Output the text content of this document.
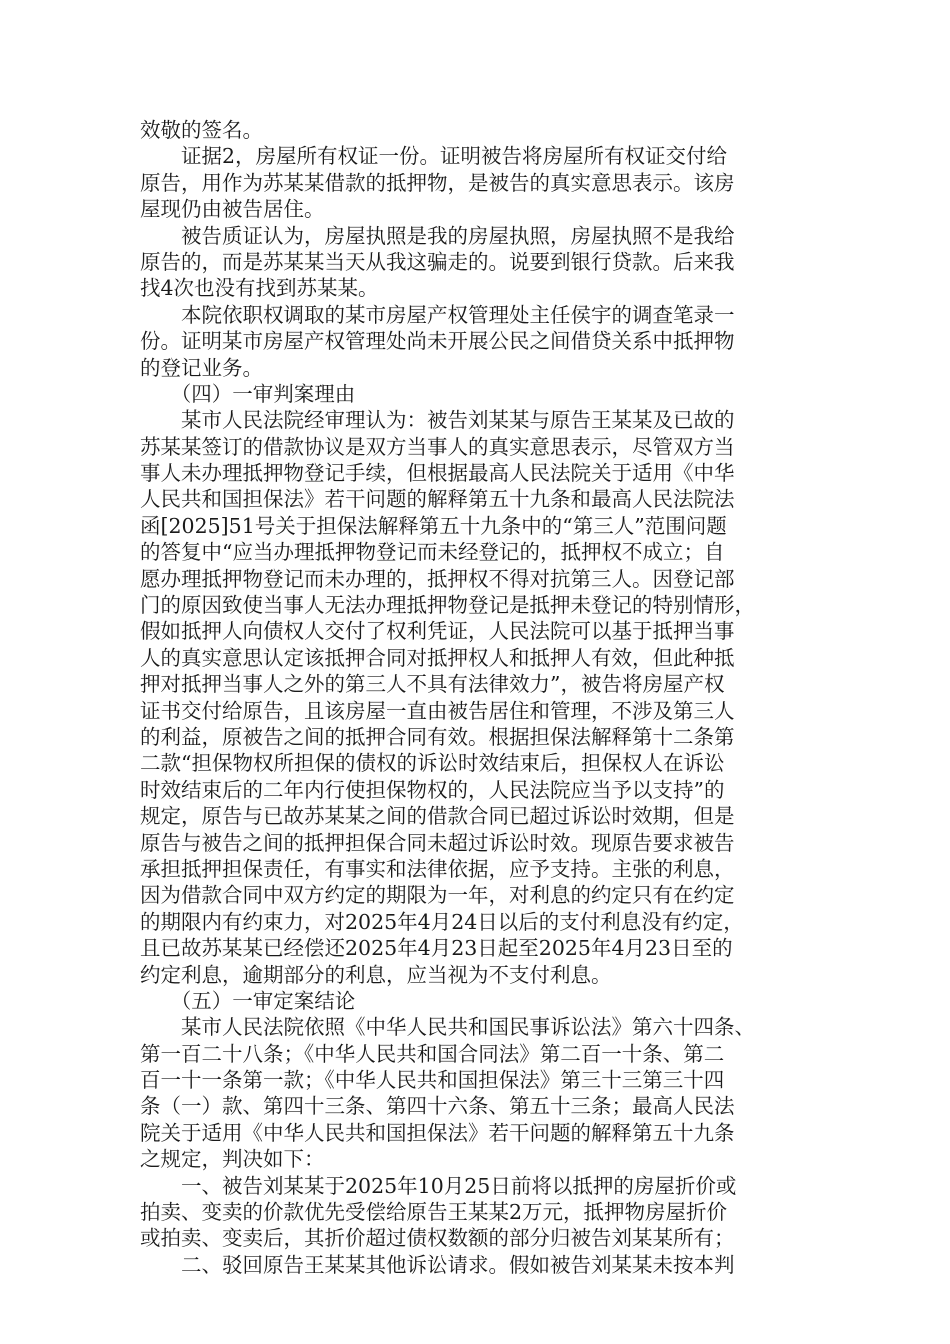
效敬的签名。
　　证据2，房屋所有权证一份。证明被告将房屋所有权证交付给
原告，用作为苏某某借款的抵押物，是被告的真实意思表示。该房
屋现仍由被告居住。
　　被告质证认为，房屋执照是我的房屋执照，房屋执照不是我给
原告的，而是苏某某当天从我这骗走的。说要到银行贷款。后来我
找4次也没有找到苏某某。
　　本院依职权调取的某市房屋产权管理处主任侯宇的调查笔录一
份。证明某市房屋产权管理处尚未开展公民之间借贷关系中抵押物
的登记业务。
　　（四）一审判案理由
　　某市人民法院经审理认为：被告刘某某与原告王某某及已故的
苏某某签订的借款协议是双方当事人的真实意思表示，尽管双方当
事人未办理抵押物登记手续，但根据最高人民法院关于适用《中华
人民共和国担保法》若干问题的解释第五十九条和最高人民法院法
函[2025]51号关于担保法解释第五十九条中的“第三人”范围问题
的答复中“应当办理抵押物登记而未经登记的，抵押权不成立；自
愿办理抵押物登记而未办理的，抵押权不得对抗第三人。因登记部
门的原因致使当事人无法办理抵押物登记是抵押未登记的特别情形，
假如抵押人向债权人交付了权利凭证，人民法院可以基于抵押当事
人的真实意思认定该抵押合同对抵押权人和抵押人有效，但此种抵
押对抵押当事人之外的第三人不具有法律效力”，被告将房屋产权
证书交付给原告，且该房屋一直由被告居住和管理，不涉及第三人
的利益，原被告之间的抵押合同有效。根据担保法解释第十二条第
二款“担保物权所担保的债权的诉讼时效结束后，担保权人在诉讼
时效结束后的二年内行使担保物权的，人民法院应当予以支持”的
规定，原告与已故苏某某之间的借款合同已超过诉讼时效期，但是
原告与被告之间的抵押担保合同未超过诉讼时效。现原告要求被告
承担抵押担保责任，有事实和法律依据，应予支持。主张的利息，
因为借款合同中双方约定的期限为一年，对利息的约定只有在约定
的期限内有约束力，对2025年4月24日以后的支付利息没有约定，
且已故苏某某已经偿还2025年4月23日起至2025年4月23日至的
约定利息，逾期部分的利息，应当视为不支付利息。
　　（五）一审定案结论
　　某市人民法院依照《中华人民共和国民事诉讼法》第六十四条、
第一百二十八条；《中华人民共和国合同法》第二百一十条、第二
百一十一条第一款；《中华人民共和国担保法》第三十三第三十四
条（一）款、第四十三条、第四十六条、第五十三条；最高人民法
院关于适用《中华人民共和国担保法》若干问题的解释第五十九条
之规定，判决如下：
　　一、被告刘某某于2025年10月25日前将以抵押的房屋折价或
拍卖、变卖的价款优先受偿给原告王某某2万元，抵押物房屋折价
或拍卖、变卖后，其折价超过债权数额的部分归被告刘某某所有；
　　二、驳回原告王某某其他诉讼请求。假如被告刘某某未按本判
